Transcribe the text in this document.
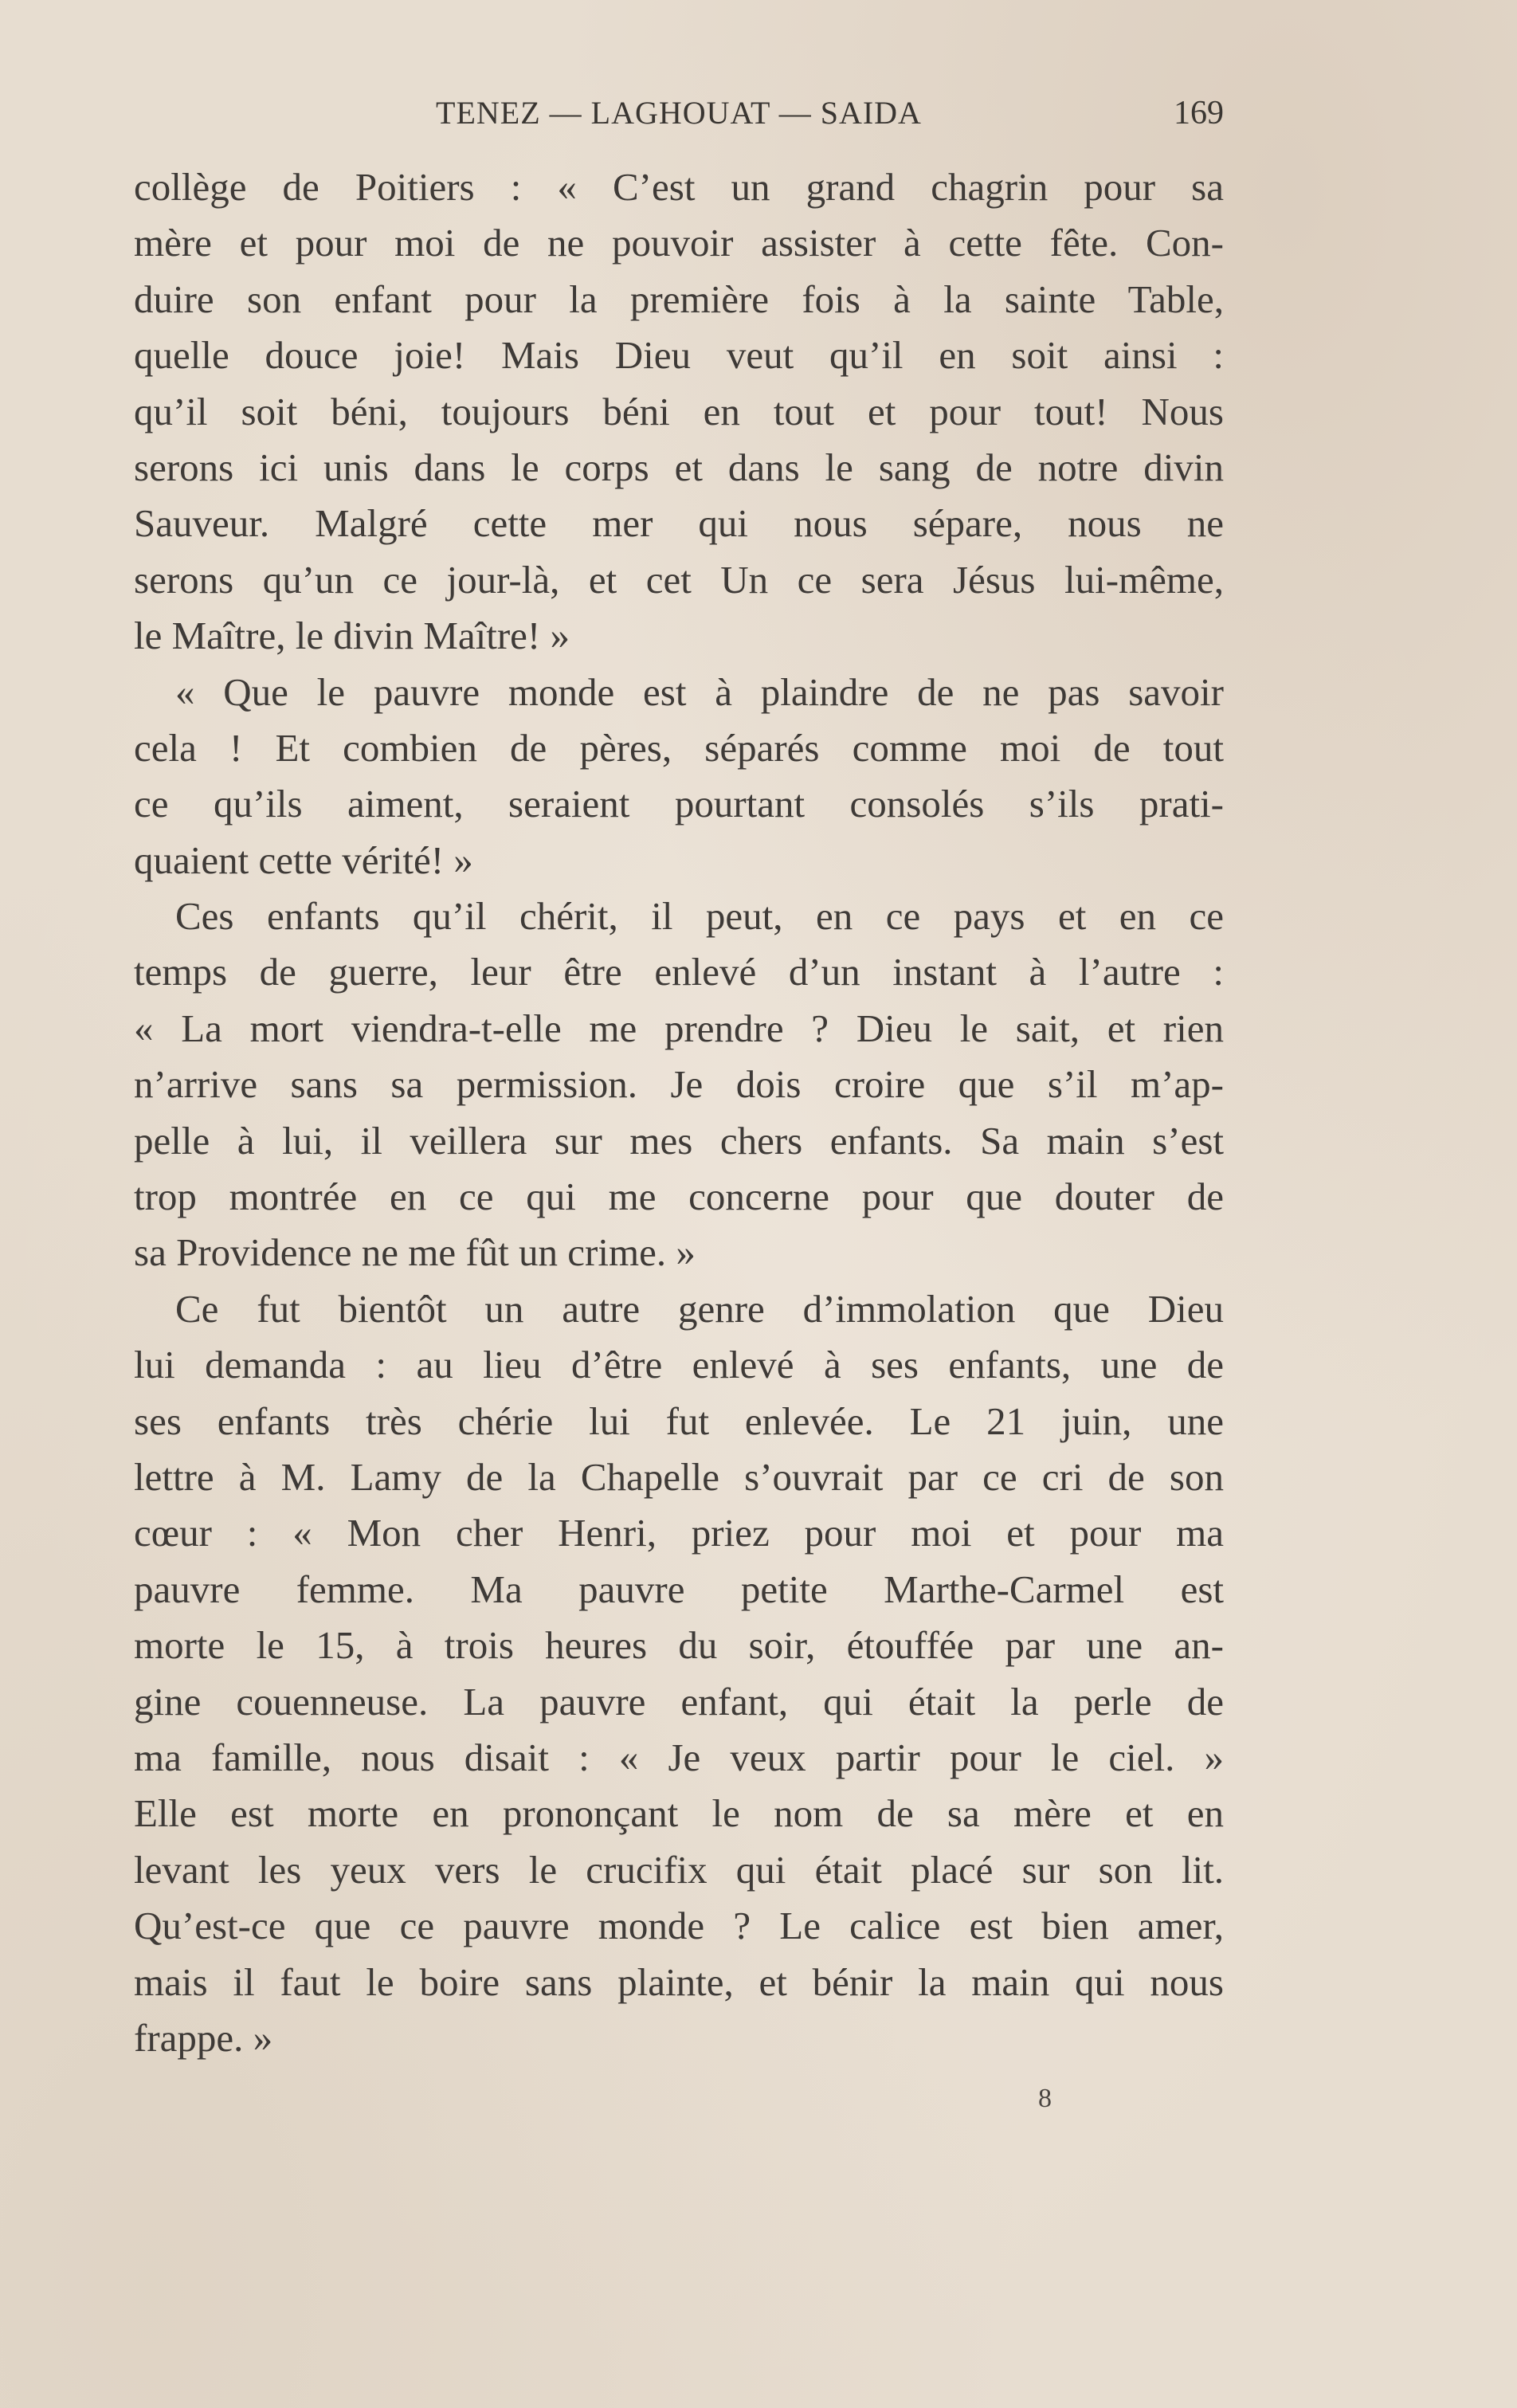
TENEZ — LAGHOUAT — SAIDA	169
collège de Poitiers : « C’est un grand chagrin pour sa
mère et pour moi de ne pouvoir assister à cette fête. Con-
duire son enfant pour la première fois à la sainte Table,
quelle douce joie! Mais Dieu veut qu’il en soit ainsi :
qu’il soit béni, toujours béni en tout et pour tout! Nous
serons ici unis dans le corps et dans le sang de notre divin
Sauveur. Malgré cette mer qui nous sépare, nous ne
serons qu’un ce jour-là, et cet Un ce sera Jésus lui-même,
le Maître, le divin Maître! »
« Que le pauvre monde est à plaindre de ne pas savoir
cela ! Et combien de pères, séparés comme moi de tout
ce qu’ils aiment, seraient pourtant consolés s’ils prati-
quaient cette vérité! »
Ces enfants qu’il chérit, il peut, en ce pays et en ce
temps de guerre, leur être enlevé d’un instant à l’autre :
« La mort viendra-t-elle me prendre ? Dieu le sait, et rien
n’arrive sans sa permission. Je dois croire que s’il m’ap-
pelle à lui, il veillera sur mes chers enfants. Sa main s’est
trop montrée en ce qui me concerne pour que douter de
sa Providence ne me fût un crime. »
Ce fut bientôt un autre genre d’immolation que Dieu
lui demanda : au lieu d’être enlevé à ses enfants, une de
ses enfants très chérie lui fut enlevée. Le 21 juin, une
lettre à M. Lamy de la Chapelle s’ouvrait par ce cri de son
cœur : « Mon cher Henri, priez pour moi et pour ma
pauvre femme. Ma pauvre petite Marthe-Carmel est
morte le 15, à trois heures du soir, étouffée par une an-
gine couenneuse. La pauvre enfant, qui était la perle de
ma famille, nous disait : « Je veux partir pour le ciel. »
Elle est morte en prononçant le nom de sa mère et en
levant les yeux vers le crucifix qui était placé sur son lit.
Qu’est-ce que ce pauvre monde ? Le calice est bien amer,
mais il faut le boire sans plainte, et bénir la main qui nous
frappe. »
8
